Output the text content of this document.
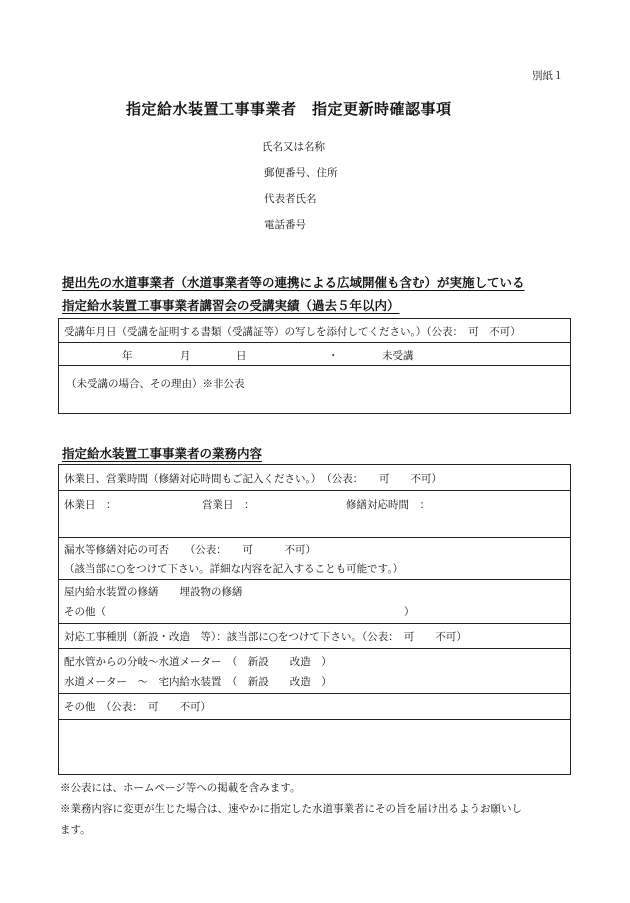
別紙１
指定給水装置工事事業者　指定更新時確認事項
氏名又は名称
郵便番号、住所
代表者氏名
電話番号
提出先の水道事業者（水道事業者等の連携による広域開催も含む）が実施している
指定給水装置工事事業者講習会の受講実績（過去５年以内）
受講年月日（受講を証明する書類（受講証等）の写しを添付してください。）（公表：　可　不可）
年	月	日	・	未受講
（未受講の場合、その理由）※非公表
指定給水装置工事事業者の業務内容
休業日、営業時間（修繕対応時間もご記入ください。）　（公表：　　可　　不可）
休業日　：	営業日　：	修繕対応時間　：
漏水等修繕対応の可否　　（公表：　　可　　　不可）
（該当部に○をつけて下さい。詳細な内容を記入することも可能です。）
屋内給水装置の修繕　　埋設物の修繕
その他（	）
対応工事種別（新設・改造　等）：該当部に○をつけて下さい。（公表：　可　　不可）
配水管からの分岐～水道メーター　（　新設　　改造　）
水道メーター　～　宅内給水装置　（　新設　　改造　）
その他　（公表：　可　　不可）
※公表には、ホームページ等への掲載を含みます。
※業務内容に変更が生じた場合は、速やかに指定した水道事業者にその旨を届け出るようお願いし
ます。
